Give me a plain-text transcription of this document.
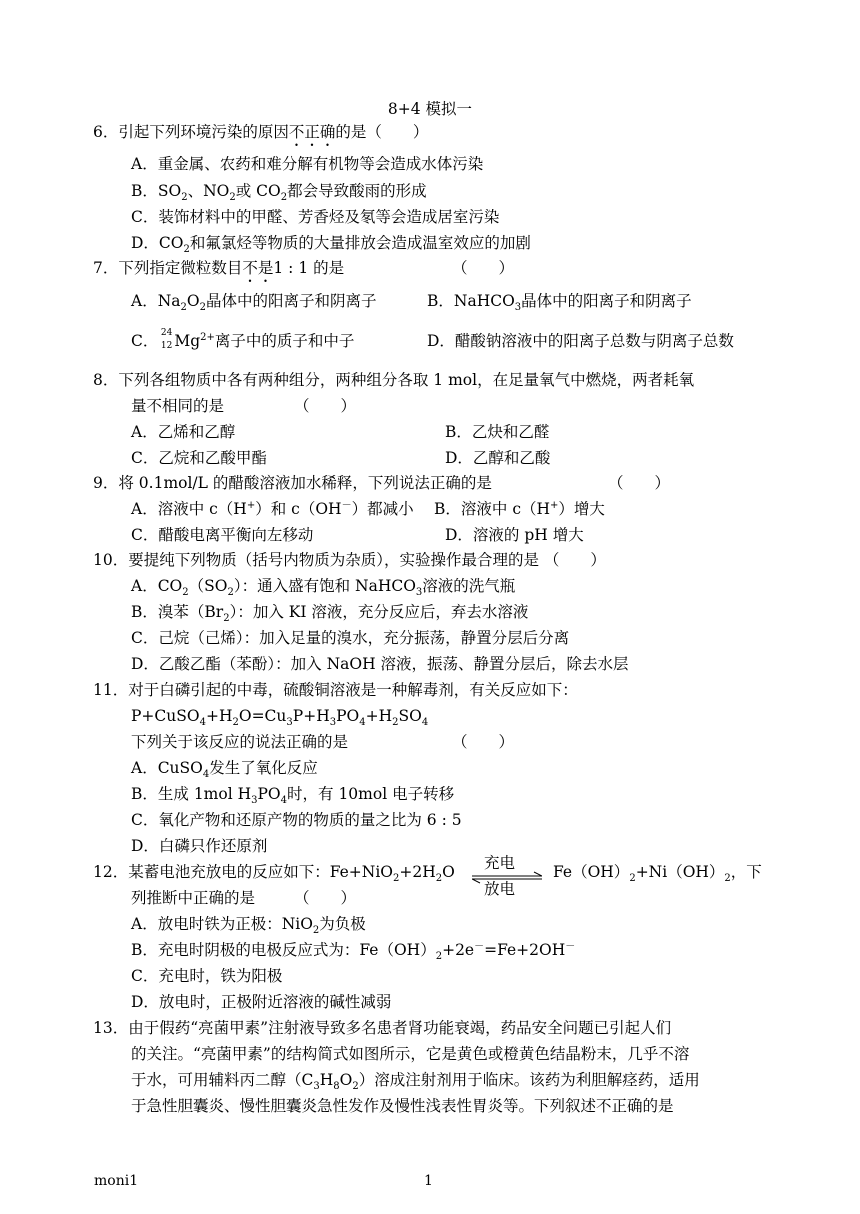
8+4 模拟一
6．引起下列环境污染的原因不正确的是（　　）
A．重金属、农药和难分解有机物等会造成水体污染
B．$SO_2$、$NO_2$或 $CO_2$都会导致酸雨的形成
C．装饰材料中的甲醛、芳香烃及氡等会造成居室污染
D．$CO_2$和氟氯烃等物质的大量排放会造成温室效应的加剧
7．下列指定微粒数目不是1 : 1 的是	（　　）
A．$Na_2O_2$晶体中的阳离子和阴离子	B．NaHCO$_3$晶体中的阳离子和阴离子
C． 24
12 $Mg^{2+}$离子中的质子和中子	D．醋酸钠溶液中的阳离子总数与阴离子总数
8．下列各组物质中各有两种组分，两种组分各取 1 mol，在足量氧气中燃烧，两者耗氧
量不相同的是	（　　）
A．乙烯和乙醇	B．乙炔和乙醛
C．乙烷和乙酸甲酯	D．乙醇和乙酸
9．将 0.1mol/L 的醋酸溶液加水稀释，下列说法正确的是	（　　）
A．溶液中 c（H+）和 c（OH－）都减小 B．溶液中 c（H+）增大
C．醋酸电离平衡向左移动	D．溶液的 pH 增大
10．要提纯下列物质（括号内物质为杂质），实验操作最合理的是 （　　）
A．$CO_2(SO_2)$：通入盛有饱和 NaHCO$_3$溶液的洗气瓶
B．溴苯$(Br_2)$：加入 KI 溶液，充分反应后，弃去水溶液
C．己烷（己烯）：加入足量的溴水，充分振荡，静置分层后分离
D．乙酸乙酯（苯酚）：加入 NaOH 溶液，振荡、静置分层后，除去水层
11．对于白磷引起的中毒，硫酸铜溶液是一种解毒剂，有关反应如下：
$P+CuSO_4+H_2O=Cu_3P+H_3PO_4+H_2SO_4$
下列关于该反应的说法正确的是	（　　）
A．CuSO$_4$发生了氧化反应
B．生成 1mol $H_3PO_4$时，有 10mol 电子转移
C．氧化产物和还原产物的物质的量之比为 6 : 5
D．白磷只作还原剂
12．某蓄电池充放电的反应如下：$Fe+NiO_2+2H_2O$ 充电
放电
$Fe(OH)_2+Ni(OH)_2$，下
列推断中正确的是	（　　）
A．放电时铁为正极：NiO$_2$为负极
B．充电时阴极的电极反应式为：$Fe(OH)_2+2e^-=Fe+2OH^-$
C．充电时，铁为阳极
D．放电时，正极附近溶液的碱性减弱
13．由于假药“亮菌甲素”注射液导致多名患者肾功能衰竭，药品安全问题已引起人们
的关注。“亮菌甲素”的结构简式如图所示，它是黄色或橙黄色结晶粉末，几乎不溶
于水，可用辅料丙二醇$(C_3H_8O_2)$溶成注射剂用于临床。该药为利胆解痉药，适用
于急性胆囊炎、慢性胆囊炎急性发作及慢性浅表性胃炎等。下列叙述不正确的是
moni1	1
